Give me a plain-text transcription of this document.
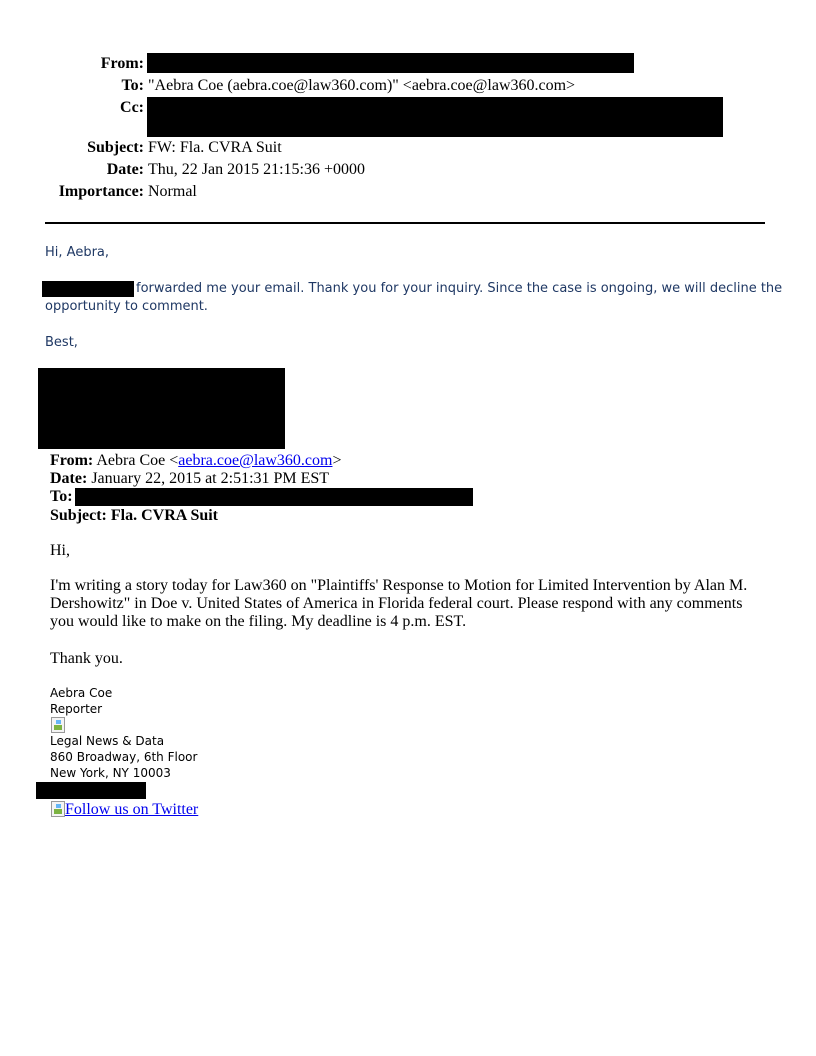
From:
To: "Aebra Coe (aebra.coe@law360.com)" <aebra.coe@law360.com>
Cc:
Subject: FW: Fla. CVRA Suit
Date: Thu, 22 Jan 2015 21:15:36 +0000
Importance: Normal
Hi, Aebra,
forwarded me your email. Thank you for your inquiry. Since the case is ongoing, we will decline the
opportunity to comment.
Best,
From: Aebra Coe <aebra.coe@law360.com>
Date: January 22, 2015 at 2:51:31 PM EST
To:
Subject: Fla. CVRA Suit
Hi,
I'm writing a story today for Law360 on "Plaintiffs' Response to Motion for Limited Intervention by Alan M. Dershowitz" in Doe v. United States of America in Florida federal court. Please respond with any comments you would like to make on the filing. My deadline is 4 p.m. EST.
Thank you.
Aebra Coe
Reporter
Legal News & Data
860 Broadway, 6th Floor
New York, NY 10003
Follow us on Twitter
